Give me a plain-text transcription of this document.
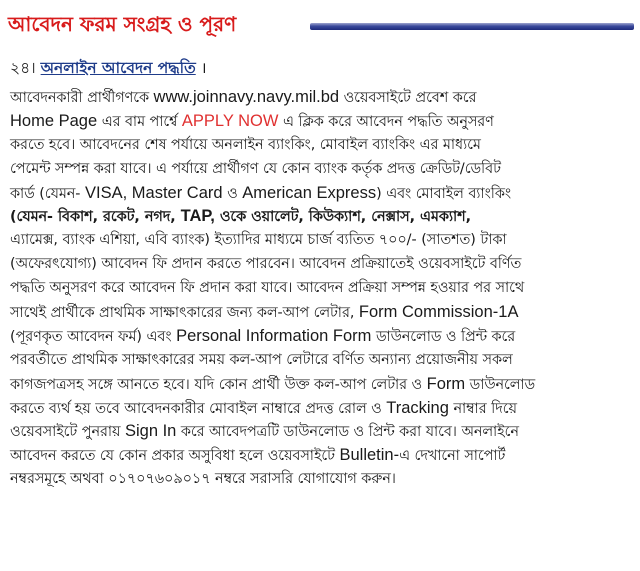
আবেদন ফরম সংগ্রহ ও পূরণ
২৪। অনলাইন আবেদন পদ্ধতি ।
আবেদনকারী প্রার্থীগণকে www.joinnavy.navy.mil.bd ওয়েবসাইটে প্রবেশ করে
Home Page এর বাম পার্শ্বে APPLY NOW এ ক্লিক করে আবেদন পদ্ধতি অনুসরণ
করতে হবে। আবেদনের শেষ পর্যায়ে অনলাইন ব্যাংকিং, মোবাইল ব্যাংকিং এর মাধ্যমে
পেমেন্ট সম্পন্ন করা যাবে। এ পর্যায়ে প্রার্থীগণ যে কোন ব্যাংক কর্তৃক প্রদত্ত ক্রেডিট/ডেবিট
কার্ড (যেমন- VISA, Master Card ও American Express) এবং মোবাইল ব্যাংকিং
(যেমন- বিকাশ, রকেট, নগদ, TAP, ওকে ওয়ালেট, কিউক্যাশ, নেক্সাস, এমক্যাশ,
এ্যামেক্স, ব্যাংক এশিয়া, এবি ব্যাংক) ইত্যাদির মাধ্যমে চার্জ ব্যতিত ৭০০/- (সাতশত) টাকা
(অফেরৎযোগ্য) আবেদন ফি প্রদান করতে পারবেন। আবেদন প্রক্রিয়াতেই ওয়েবসাইটে বর্ণিত
পদ্ধতি অনুসরণ করে আবেদন ফি প্রদান করা যাবে। আবেদন প্রক্রিয়া সম্পন্ন হওয়ার পর সাথে
সাথেই প্রার্থীকে প্রাথমিক সাক্ষাৎকারের জন্য কল-আপ লেটার, Form Commission-1A
(পূরণকৃত আবেদন ফর্ম) এবং Personal Information Form ডাউনলোড ও প্রিন্ট করে
পরবর্তীতে প্রাথমিক সাক্ষাৎকারের সময় কল-আপ লেটারে বর্ণিত অন্যান্য প্রয়োজনীয় সকল
কাগজপত্রসহ সঙ্গে আনতে হবে। যদি কোন প্রার্থী উক্ত কল-আপ লেটার ও Form ডাউনলোড
করতে ব্যর্থ হয় তবে আবেদনকারীর মোবাইল নাম্বারে প্রদত্ত রোল ও Tracking নাম্বার দিয়ে
ওয়েবসাইটে পুনরায় Sign In করে আবেদপত্রটি ডাউনলোড ও প্রিন্ট করা যাবে। অনলাইনে
আবেদন করতে যে কোন প্রকার অসুবিধা হলে ওয়েবসাইটে Bulletin-এ দেখানো সাপোর্ট
নম্বরসমূহে অথবা ০১৭০৭৬০৯০১৭ নম্বরে সরাসরি যোগাযোগ করুন।
